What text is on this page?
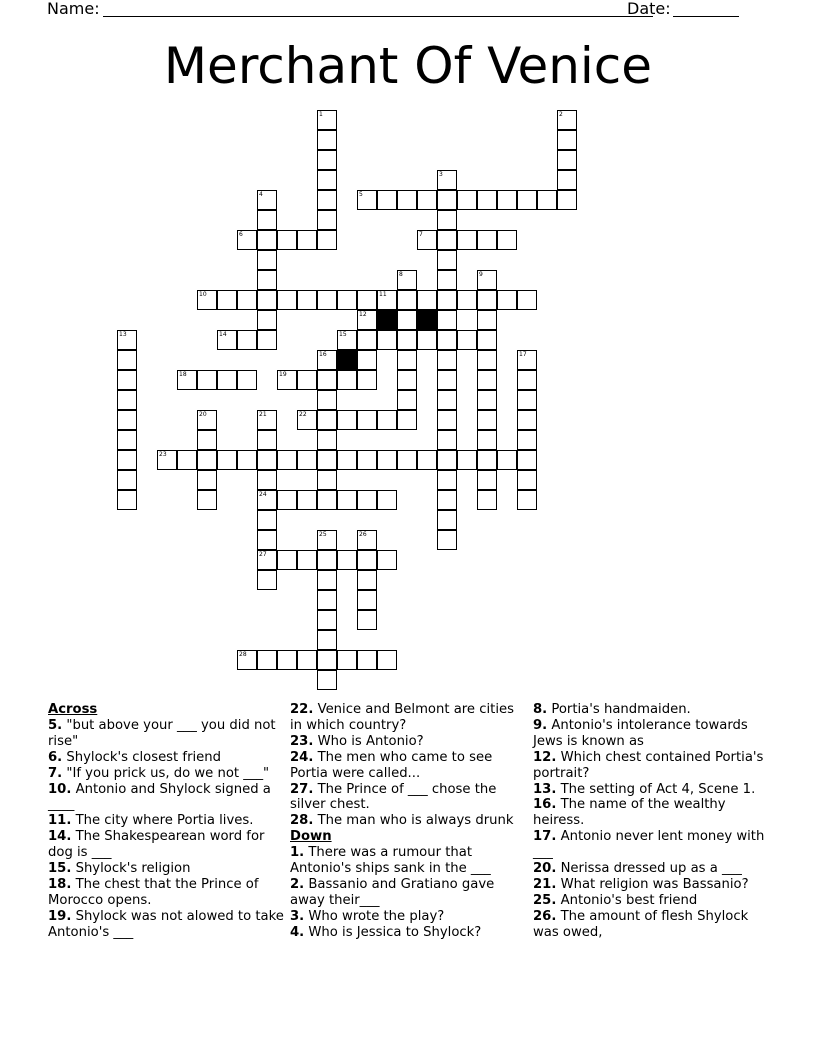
Name:	Date:
Merchant Of Venice
1	2
3
4	5
6	7
8	9
10	11
12
13	14	15
16	17
18	19
20	21
24
27
22
23
25	26
28
Across
5. "but above your ___ you did not rise"
6. Shylock's closest friend
7. "If you prick us, do we not ___"
10. Antonio and Shylock signed a ____
11. The city where Portia lives.
14. The Shakespearean word for dog is ___
15. Shylock's religion
18. The chest that the Prince of Morocco opens.
19. Shylock was not alowed to take Antonio's ___
22. Venice and Belmont are cities in which country?
23. Who is Antonio?
24. The men who came to see Portia were called...
27. The Prince of ___ chose the silver chest.
28. The man who is always drunk
Down
1. There was a rumour that Antonio's ships sank in the ___
2. Bassanio and Gratiano gave away their___
3. Who wrote the play?
4. Who is Jessica to Shylock?
8. Portia's handmaiden.
9. Antonio's intolerance towards Jews is known as
12. Which chest contained Portia's portrait?
13. The setting of Act 4, Scene 1.
16. The name of the wealthy heiress.
17. Antonio never lent money with ___
20. Nerissa dressed up as a ___
21. What religion was Bassanio?
25. Antonio's best friend
26. The amount of flesh Shylock was owed,
